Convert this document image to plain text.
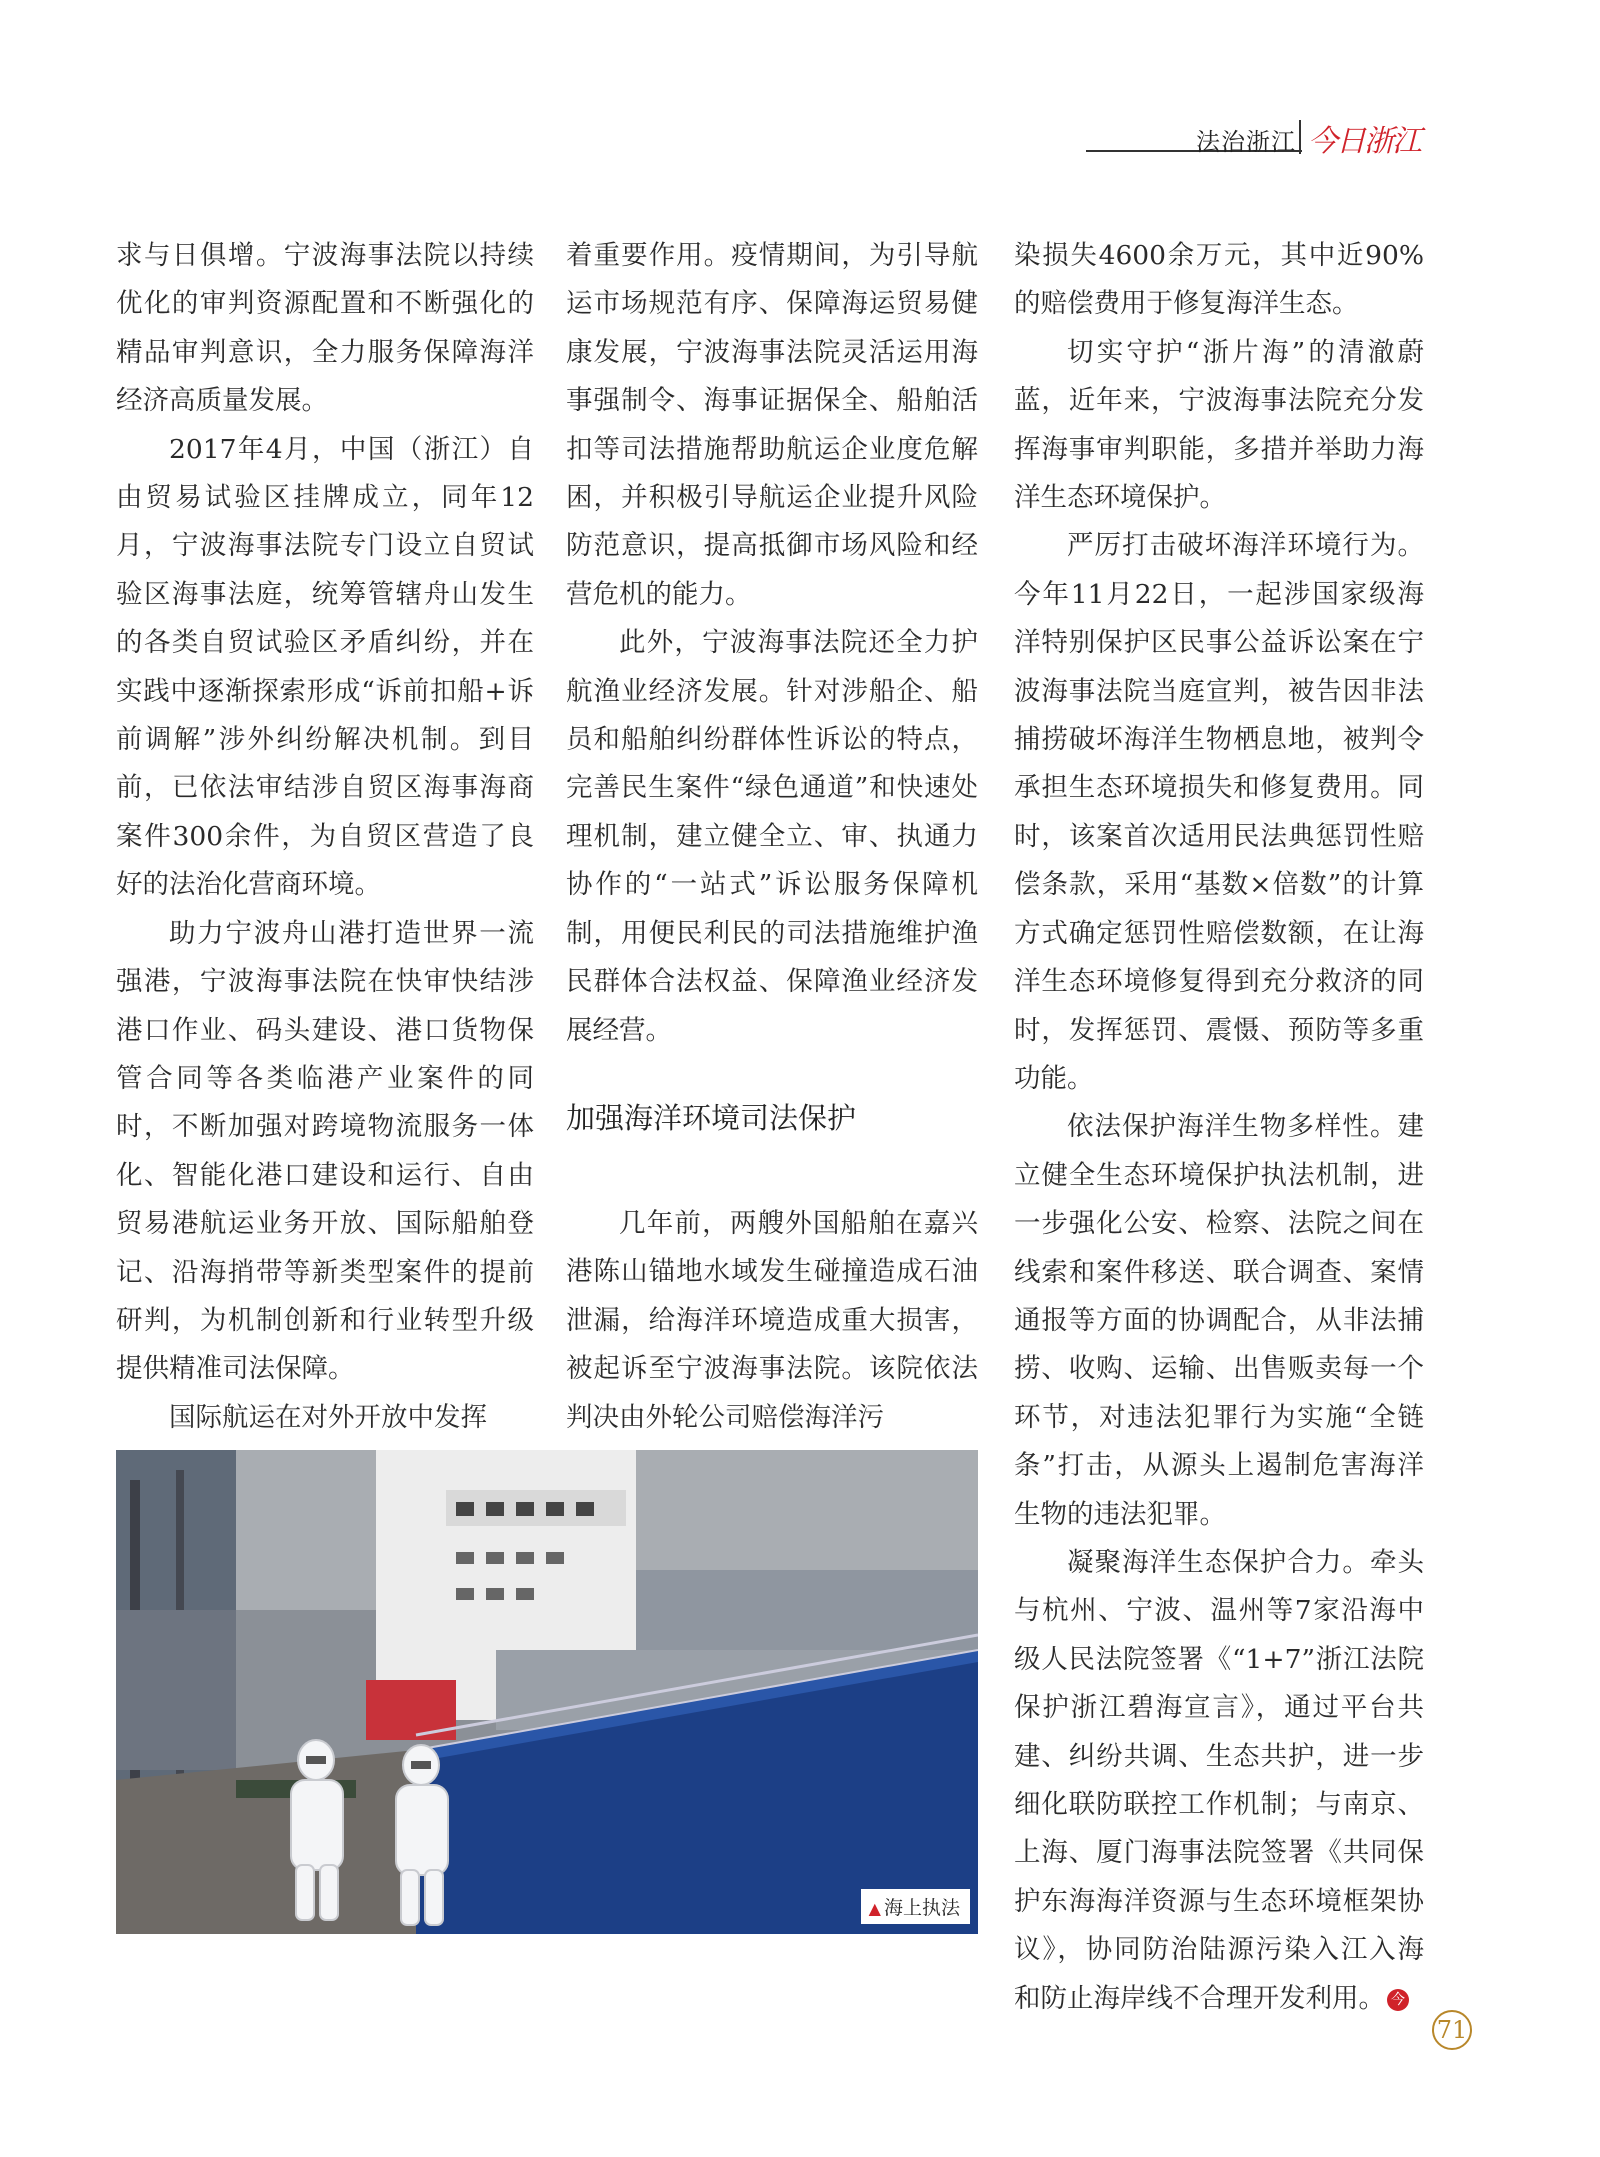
法治浙江 今日浙江

求与日俱增。宁波海事法院以持续优化的审判资源配置和不断强化的精品审判意识，全力服务保障海洋经济高质量发展。

2017年4月，中国（浙江）自由贸易试验区挂牌成立，同年12月，宁波海事法院专门设立自贸试验区海事法庭，统筹管辖舟山发生的各类自贸试验区矛盾纠纷，并在实践中逐渐探索形成“诉前扣船+诉前调解”涉外纠纷解决机制。到目前，已依法审结涉自贸区海事海商案件300余件，为自贸区营造了良好的法治化营商环境。

助力宁波舟山港打造世界一流强港，宁波海事法院在快审快结涉港口作业、码头建设、港口货物保管合同等各类临港产业案件的同时，不断加强对跨境物流服务一体化、智能化港口建设和运行、自由贸易港航运业务开放、国际船舶登记、沿海捎带等新类型案件的提前研判，为机制创新和行业转型升级提供精准司法保障。

国际航运在对外开放中发挥

着重要作用。疫情期间，为引导航运市场规范有序、保障海运贸易健康发展，宁波海事法院灵活运用海事强制令、海事证据保全、船舶活扣等司法措施帮助航运企业度危解困，并积极引导航运企业提升风险防范意识，提高抵御市场风险和经营危机的能力。

此外，宁波海事法院还全力护航渔业经济发展。针对涉船企、船员和船舶纠纷群体性诉讼的特点，完善民生案件“绿色通道”和快速处理机制，建立健全立、审、执通力协作的“一站式”诉讼服务保障机制，用便民利民的司法措施维护渔民群体合法权益、保障渔业经济发展经营。

加强海洋环境司法保护

几年前，两艘外国船舶在嘉兴港陈山锚地水域发生碰撞造成石油泄漏，给海洋环境造成重大损害，被起诉至宁波海事法院。该院依法判决由外轮公司赔偿海洋污

染损失4600余万元，其中近90%的赔偿费用于修复海洋生态。

切实守护“浙片海”的清澈蔚蓝，近年来，宁波海事法院充分发挥海事审判职能，多措并举助力海洋生态环境保护。

严厉打击破坏海洋环境行为。今年11月22日，一起涉国家级海洋特别保护区民事公益诉讼案在宁波海事法院当庭宣判，被告因非法捕捞破坏海洋生物栖息地，被判令承担生态环境损失和修复费用。同时，该案首次适用民法典惩罚性赔偿条款，采用“基数×倍数”的计算方式确定惩罚性赔偿数额，在让海洋生态环境修复得到充分救济的同时，发挥惩罚、震慑、预防等多重功能。

依法保护海洋生物多样性。建立健全生态环境保护执法机制，进一步强化公安、检察、法院之间在线索和案件移送、联合调查、案情通报等方面的协调配合，从非法捕捞、收购、运输、出售贩卖每一个环节，对违法犯罪行为实施“全链条”打击，从源头上遏制危害海洋生物的违法犯罪。

凝聚海洋生态保护合力。牵头与杭州、宁波、温州等7家沿海中级人民法院签署《“1+7”浙江法院保护浙江碧海宣言》，通过平台共建、纠纷共调、生态共护，进一步细化联防联控工作机制；与南京、上海、厦门海事法院签署《共同保护东海海洋资源与生态环境框架协议》，协同防治陆源污染入江入海和防止海岸线不合理开发利用。 今

▲ 海上执法
71
